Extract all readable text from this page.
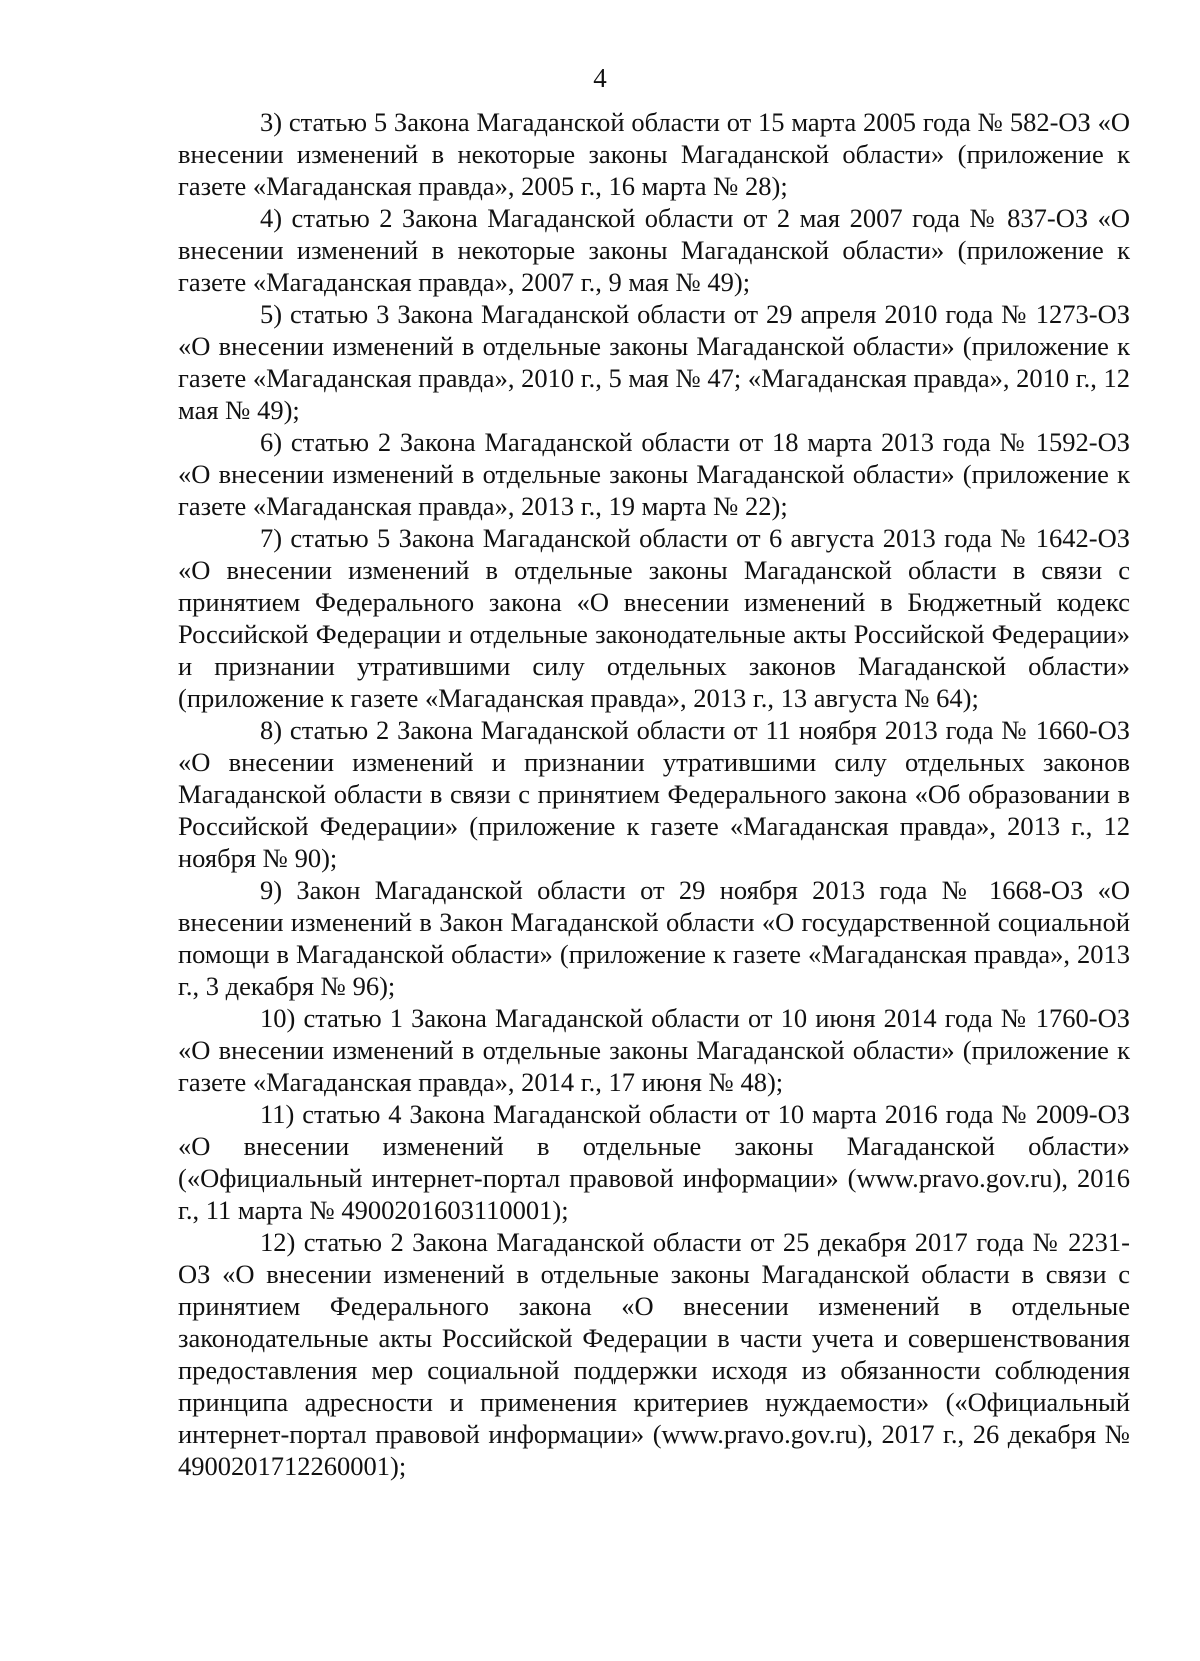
4

3) статью 5 Закона Магаданской области от 15 марта 2005 года № 582-ОЗ «О внесении изменений в некоторые законы Магаданской области» (приложение к газете «Магаданская правда», 2005 г., 16 марта № 28);

4) статью 2 Закона Магаданской области от 2 мая 2007 года № 837-ОЗ «О внесении изменений в некоторые законы Магаданской области» (приложение к газете «Магаданская правда», 2007 г., 9 мая № 49);

5) статью 3 Закона Магаданской области от 29 апреля 2010 года № 1273-ОЗ «О внесении изменений в отдельные законы Магаданской области» (приложение к газете «Магаданская правда», 2010 г., 5 мая № 47; «Магаданская правда», 2010 г., 12 мая № 49);

6) статью 2 Закона Магаданской области от 18 марта 2013 года № 1592-ОЗ «О внесении изменений в отдельные законы Магаданской области» (приложение к газете «Магаданская правда», 2013 г., 19 марта № 22);

7) статью 5 Закона Магаданской области от 6 августа 2013 года № 1642-ОЗ «О внесении изменений в отдельные законы Магаданской области в связи с принятием Федерального закона «О внесении изменений в Бюджетный кодекс Российской Федерации и отдельные законодательные акты Российской Федерации» и признании утратившими силу отдельных законов Магаданской области» (приложение к газете «Магаданская правда», 2013 г., 13 августа № 64);

8) статью 2 Закона Магаданской области от 11 ноября 2013 года № 1660-ОЗ «О внесении изменений и признании утратившими силу отдельных законов Магаданской области в связи с принятием Федерального закона «Об образовании в Российской Федерации» (приложение к газете «Магаданская правда», 2013 г., 12 ноября № 90);

9) Закон Магаданской области от 29 ноября 2013 года № 1668-ОЗ «О внесении изменений в Закон Магаданской области «О государственной социальной помощи в Магаданской области» (приложение к газете «Магаданская правда», 2013 г., 3 декабря № 96);

10) статью 1 Закона Магаданской области от 10 июня 2014 года № 1760-ОЗ «О внесении изменений в отдельные законы Магаданской области» (приложение к газете «Магаданская правда», 2014 г., 17 июня № 48);

11) статью 4 Закона Магаданской области от 10 марта 2016 года № 2009-ОЗ «О внесении изменений в отдельные законы Магаданской области» («Официальный интернет-портал правовой информации» (www.pravo.gov.ru), 2016 г., 11 марта № 4900201603110001);

12) статью 2 Закона Магаданской области от 25 декабря 2017 года № 2231-ОЗ «О внесении изменений в отдельные законы Магаданской области в связи с принятием Федерального закона «О внесении изменений в отдельные законодательные акты Российской Федерации в части учета и совершенствования предоставления мер социальной поддержки исходя из обязанности соблюдения принципа адресности и применения критериев нуждаемости» («Официальный интернет-портал правовой информации» (www.pravo.gov.ru), 2017 г., 26 декабря № 4900201712260001);
